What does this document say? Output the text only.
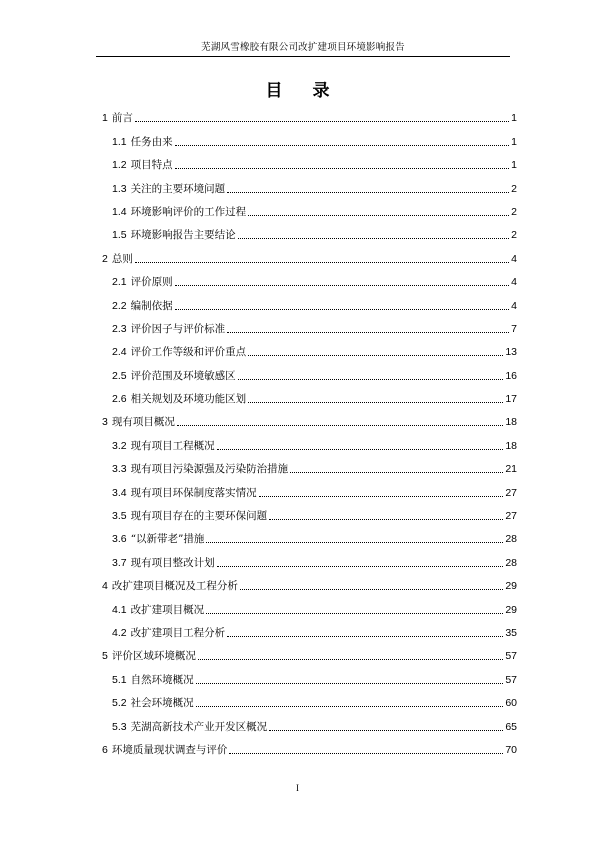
芜湖风雪橡胶有限公司改扩建项目环境影响报告
目 录
1 前言	1
1.1 任务由来	1
1.2 项目特点	1
1.3 关注的主要环境问题	2
1.4 环境影响评价的工作过程	2
1.5 环境影响报告主要结论	2
2 总则	4
2.1 评价原则	4
2.2 编制依据	4
2.3 评价因子与评价标准	7
2.4 评价工作等级和评价重点	13
2.5 评价范围及环境敏感区	16
2.6 相关规划及环境功能区划	17
3 现有项目概况	18
3.2 现有项目工程概况	18
3.3 现有项目污染源强及污染防治措施	21
3.4 现有项目环保制度落实情况	27
3.5 现有项目存在的主要环保问题	27
3.6 “以新带老”措施	28
3.7 现有项目整改计划	28
4 改扩建项目概况及工程分析	29
4.1 改扩建项目概况	29
4.2 改扩建项目工程分析	35
5 评价区域环境概况	57
5.1 自然环境概况	57
5.2 社会环境概况	60
5.3 芜湖高新技术产业开发区概况	65
6 环境质量现状调查与评价	70
I
